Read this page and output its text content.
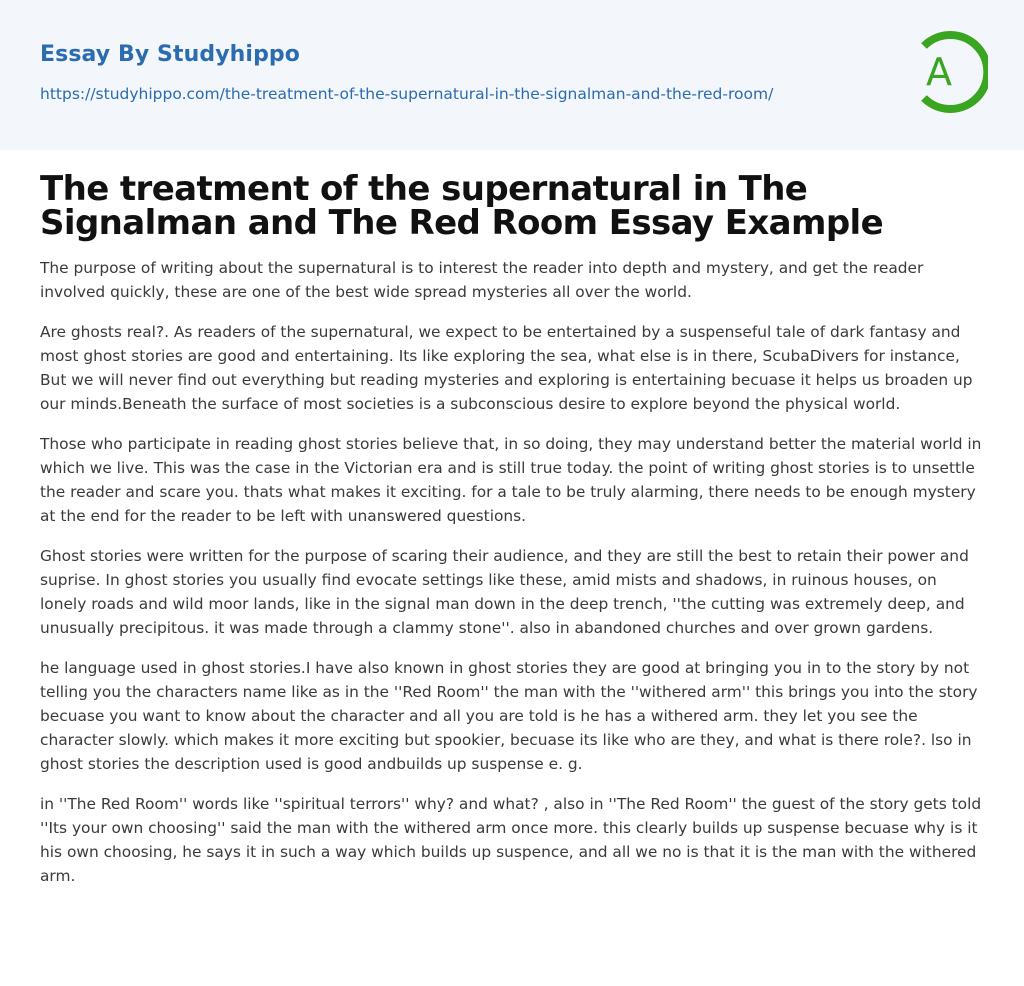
Essay By Studyhippo
https://studyhippo.com/the-treatment-of-the-supernatural-in-the-signalman-and-the-red-room/	A
The treatment of the supernatural in The Signalman and The Red Room Essay Example

The purpose of writing about the supernatural is to interest the reader into depth and mystery, and get the reader involved quickly, these are one of the best wide spread mysteries all over the world.

Are ghosts real?. As readers of the supernatural, we expect to be entertained by a suspenseful tale of dark fantasy and most ghost stories are good and entertaining. Its like exploring the sea, what else is in there, ScubaDivers for instance, But we will never find out everything but reading mysteries and exploring is entertaining becuase it helps us broaden up our minds.Beneath the surface of most societies is a subconscious desire to explore beyond the physical world.

Those who participate in reading ghost stories believe that, in so doing, they may understand better the material world in which we live. This was the case in the Victorian era and is still true today. the point of writing ghost stories is to unsettle the reader and scare you. thats what makes it exciting. for a tale to be truly alarming, there needs to be enough mystery at the end for the reader to be left with unanswered questions.

Ghost stories were written for the purpose of scaring their audience, and they are still the best to retain their power and suprise. In ghost stories you usually find evocate settings like these, amid mists and shadows, in ruinous houses, on lonely roads and wild moor lands, like in the signal man down in the deep trench, ''the cutting was extremely deep, and unusually precipitous. it was made through a clammy stone''. also in abandoned churches and over grown gardens.

he language used in ghost stories.I have also known in ghost stories they are good at bringing you in to the story by not telling you the characters name like as in the ''Red Room'' the man with the ''withered arm'' this brings you into the story becuase you want to know about the character and all you are told is he has a withered arm. they let you see the character slowly. which makes it more exciting but spookier, becuase its like who are they, and what is there role?. lso in ghost stories the description used is good andbuilds up suspense e. g.

in ''The Red Room'' words like ''spiritual terrors'' why? and what? , also in ''The Red Room'' the guest of the story gets told ''Its your own choosing'' said the man with the withered arm once more. this clearly builds up suspense becuase why is it his own choosing, he says it in such a way which builds up suspence, and all we no is that it is the man with the withered arm.
